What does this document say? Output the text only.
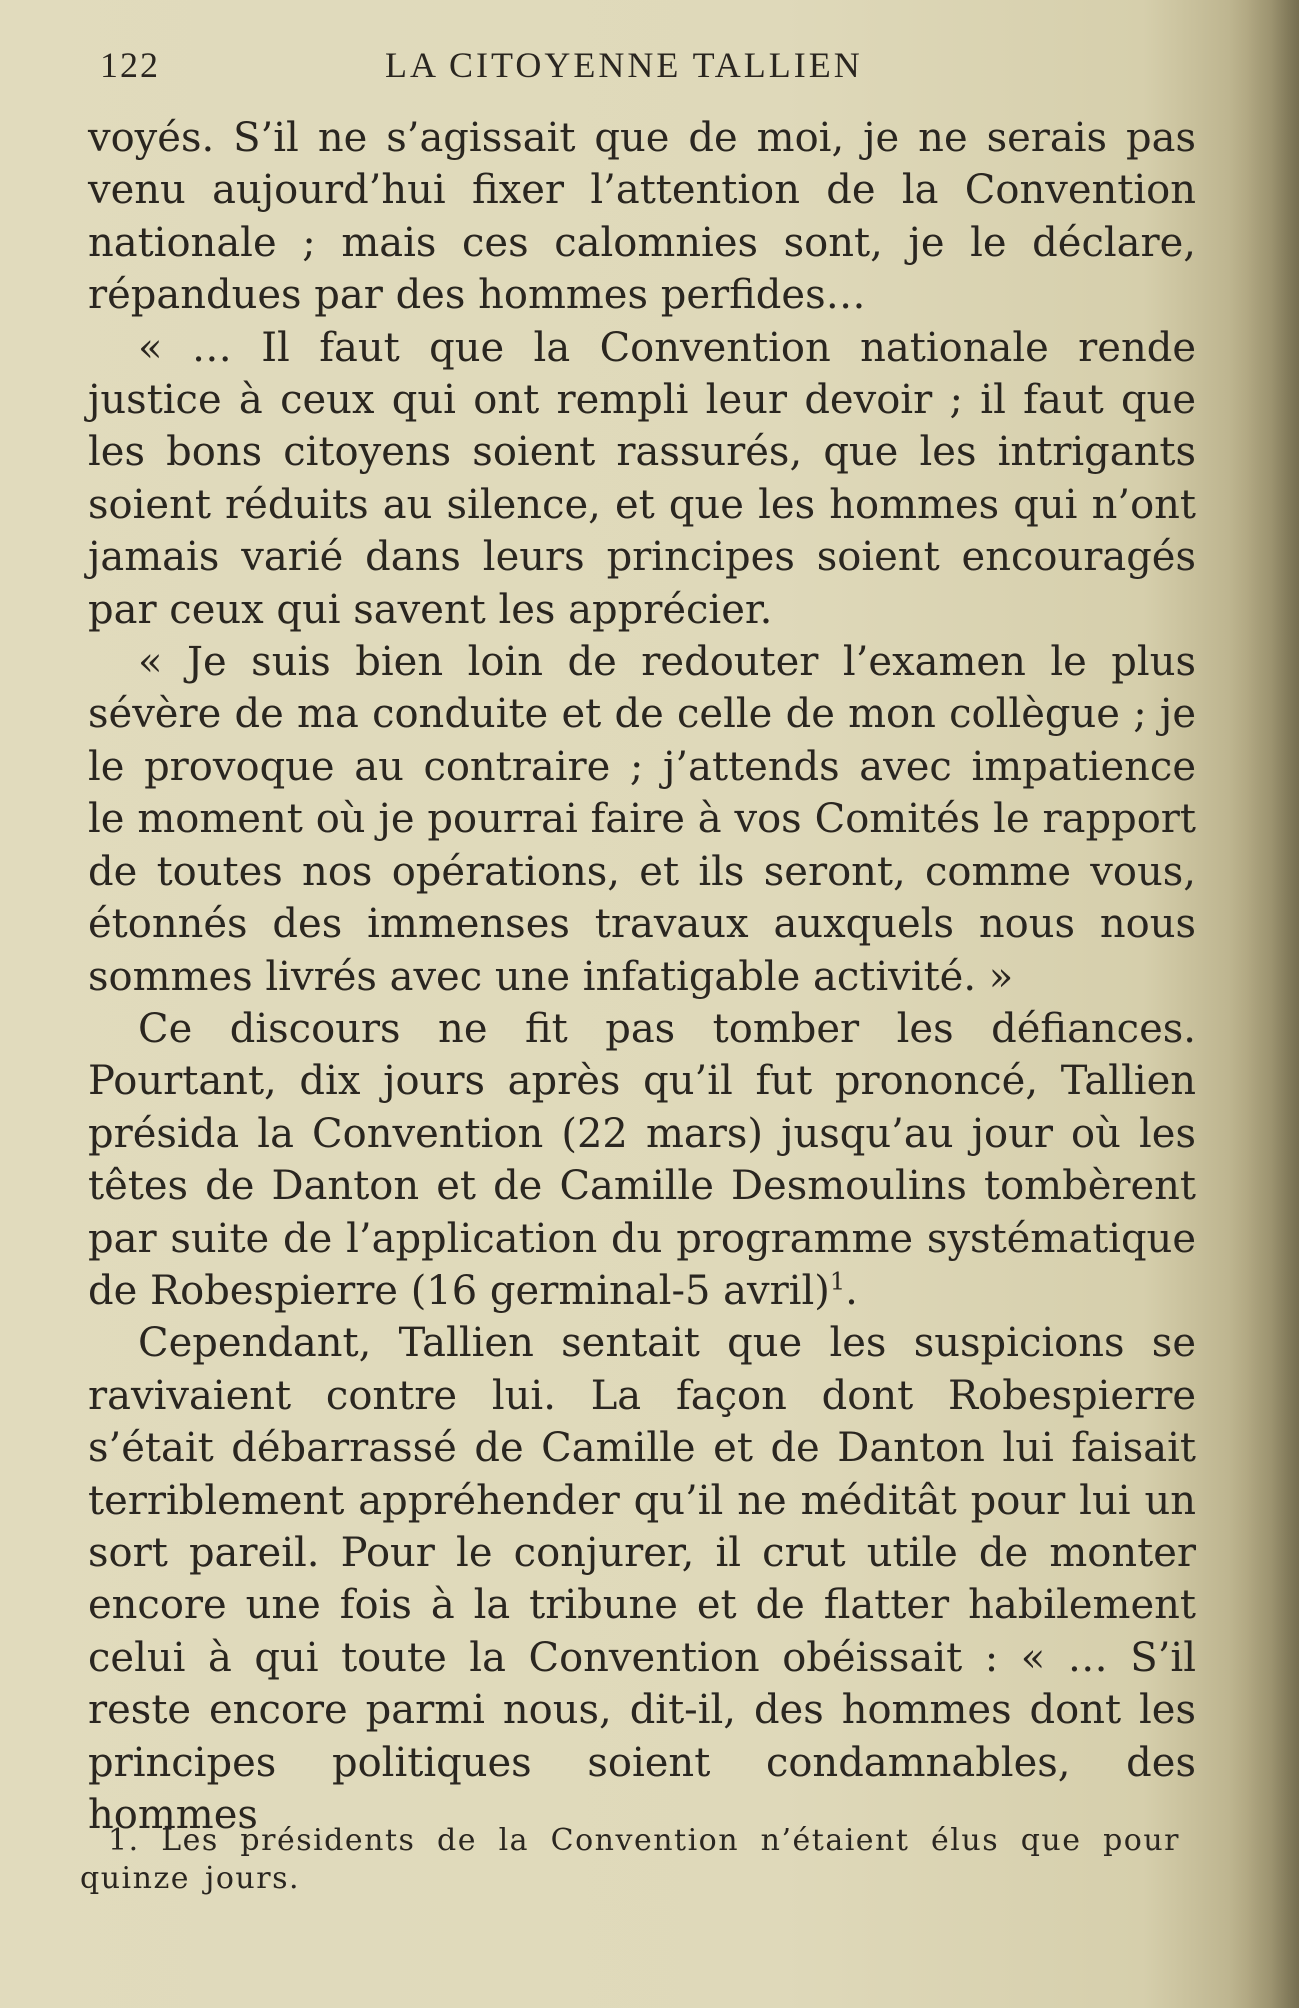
122	LA CITOYENNE TALLIEN

voyés. S’il ne s’agissait que de moi, je ne serais pas venu aujourd’hui fixer l’attention de la Convention nationale ; mais ces calomnies sont, je le déclare, répandues par des hommes perfides…

« … Il faut que la Convention nationale rende justice à ceux qui ont rempli leur devoir ; il faut que les bons citoyens soient rassurés, que les intrigants soient réduits au silence, et que les hommes qui n’ont jamais varié dans leurs principes soient encouragés par ceux qui savent les apprécier.

« Je suis bien loin de redouter l’examen le plus sévère de ma conduite et de celle de mon collègue ; je le provoque au contraire ; j’attends avec impatience le moment où je pourrai faire à vos Comités le rapport de toutes nos opérations, et ils seront, comme vous, étonnés des immenses travaux auxquels nous nous sommes livrés avec une infatigable activité. »

Ce discours ne fit pas tomber les défiances. Pourtant, dix jours après qu’il fut prononcé, Tallien présida la Convention (22 mars) jusqu’au jour où les têtes de Danton et de Camille Desmoulins tombèrent par suite de l’application du programme systématique de Robespierre (16 germinal-5 avril)$^1$.

Cependant, Tallien sentait que les suspicions se ravivaient contre lui. La façon dont Robespierre s’était débarrassé de Camille et de Danton lui faisait terriblement appréhender qu’il ne méditât pour lui un sort pareil. Pour le conjurer, il crut utile de monter encore une fois à la tribune et de flatter habilement celui à qui toute la Convention obéissait : « … S’il reste encore parmi nous, dit-il, des hommes dont les principes politiques soient condamnables, des hommes

1. Les présidents de la Convention n’étaient élus que pour quinze jours.
